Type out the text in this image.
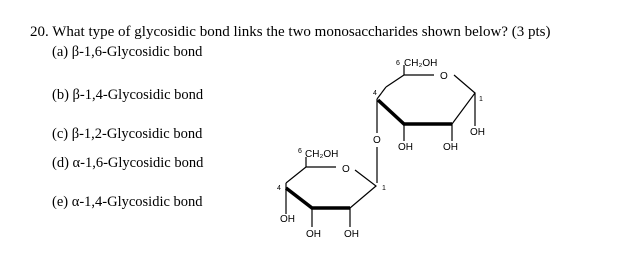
20. What type of glycosidic bond links the two monosaccharides shown below? (3 pts)
(a) β-1,6-Glycosidic bond
(b) β-1,4-Glycosidic bond
(c) β-1,2-Glycosidic bond
(d) α-1,6-Glycosidic bond
(e) α-1,4-Glycosidic bond
6 CH₂OH
O
4
1
OH	OH
OH
O
6 CH₂OH
O
4	1
OH
OH OH
